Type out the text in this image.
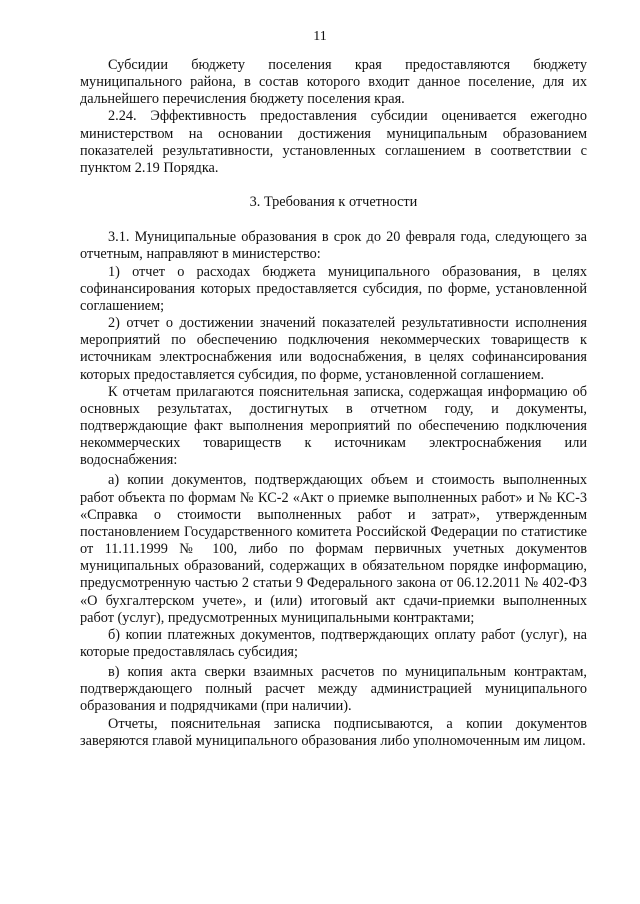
11

Субсидии бюджету поселения края предоставляются бюджету муниципального района, в состав которого входит данное поселение, для их дальнейшего перечисления бюджету поселения края.

2.24. Эффективность предоставления субсидии оценивается ежегодно министерством на основании достижения муниципальным образованием показателей результативности, установленных соглашением в соответствии с пунктом 2.19 Порядка.

3. Требования к отчетности

3.1. Муниципальные образования в срок до 20 февраля года, следующего за отчетным, направляют в министерство:

1) отчет о расходах бюджета муниципального образования, в целях софинансирования которых предоставляется субсидия, по форме, установленной соглашением;

2) отчет о достижении значений показателей результативности исполнения мероприятий по обеспечению подключения некоммерческих товариществ к источникам электроснабжения или водоснабжения, в целях софинансирования которых предоставляется субсидия, по форме, установленной соглашением.

К отчетам прилагаются пояснительная записка, содержащая информацию об основных результатах, достигнутых в отчетном году, и документы, подтверждающие факт выполнения мероприятий по обеспечению подключения некоммерческих товариществ к источникам электроснабжения или водоснабжения:

а) копии документов, подтверждающих объем и стоимость выполненных работ объекта по формам № КС-2 «Акт о приемке выполненных работ» и № КС-3 «Справка о стоимости выполненных работ и затрат», утвержденным постановлением Государственного комитета Российской Федерации по статистике от 11.11.1999 № 100, либо по формам первичных учетных документов муниципальных образований, содержащих в обязательном порядке информацию, предусмотренную частью 2 статьи 9 Федерального закона от 06.12.2011 № 402-ФЗ «О бухгалтерском учете», и (или) итоговый акт сдачи-приемки выполненных работ (услуг), предусмотренных муниципальными контрактами;

б) копии платежных документов, подтверждающих оплату работ (услуг), на которые предоставлялась субсидия;

в) копия акта сверки взаимных расчетов по муниципальным контрактам, подтверждающего полный расчет между администрацией муниципального образования и подрядчиками (при наличии).

Отчеты, пояснительная записка подписываются, а копии документов заверяются главой муниципального образования либо уполномоченным им лицом.
